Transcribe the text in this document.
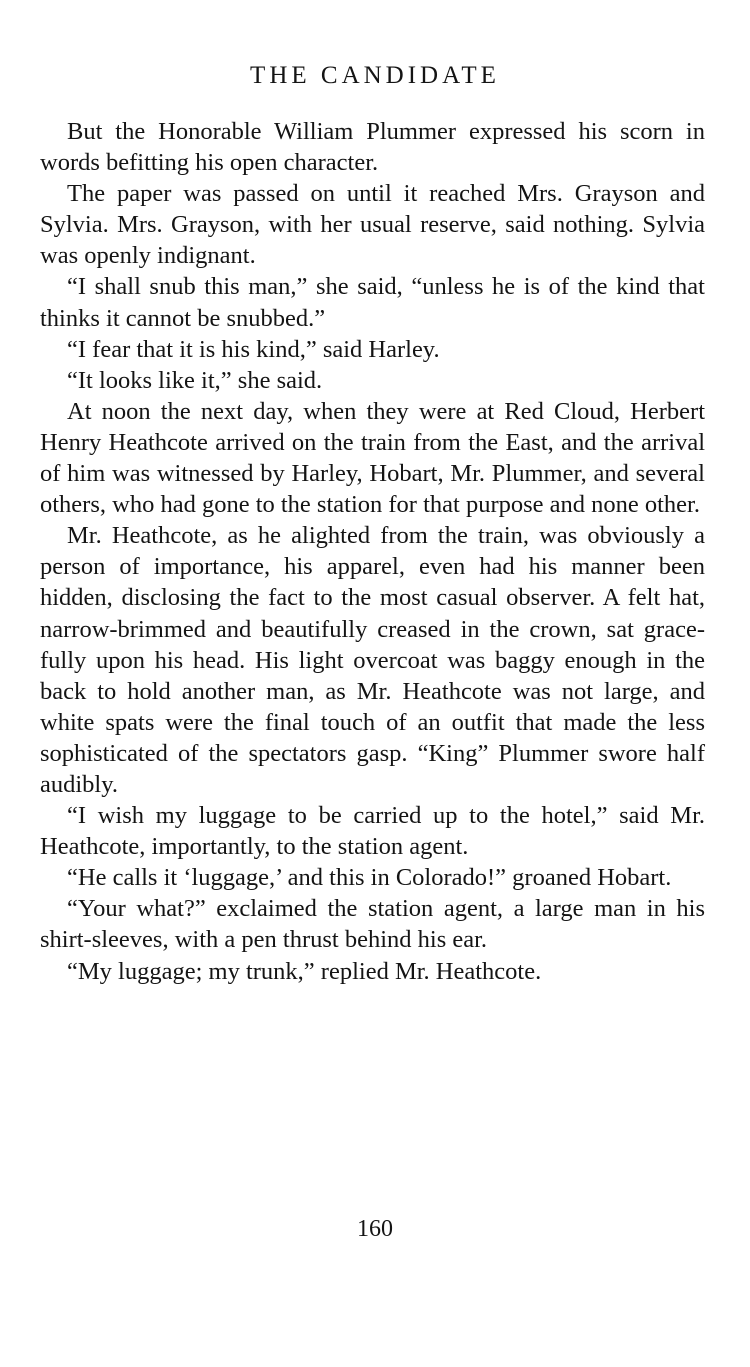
THE CANDIDATE

But the Honorable William Plummer expressed his scorn in words befitting his open character.

The paper was passed on until it reached Mrs. Grayson and Sylvia. Mrs. Grayson, with her usual reserve, said nothing. Sylvia was openly indignant.

“I shall snub this man,” she said, “unless he is of the kind that thinks it cannot be snubbed.”

“I fear that it is his kind,” said Harley.

“It looks like it,” she said.

At noon the next day, when they were at Red Cloud, Herbert Henry Heathcote arrived on the train from the East, and the arrival of him was witnessed by Harley, Hobart, Mr. Plummer, and several others, who had gone to the station for that purpose and none other.

Mr. Heathcote, as he alighted from the train, was obviously a person of importance, his apparel, even had his manner been hidden, disclosing the fact to the most casual observer. A felt hat, narrow-brimmed and beautifully creased in the crown, sat gracefully upon his head. His light overcoat was baggy enough in the back to hold another man, as Mr. Heathcote was not large, and white spats were the final touch of an outfit that made the less sophisticated of the spectators gasp. “King” Plummer swore half audibly.

“I wish my luggage to be carried up to the hotel,” said Mr. Heathcote, importantly, to the station agent.

“He calls it ‘luggage,’ and this in Colorado!” groaned Hobart.

“Your what?” exclaimed the station agent, a large man in his shirt-sleeves, with a pen thrust behind his ear.

“My luggage; my trunk,” replied Mr. Heathcote.

160
